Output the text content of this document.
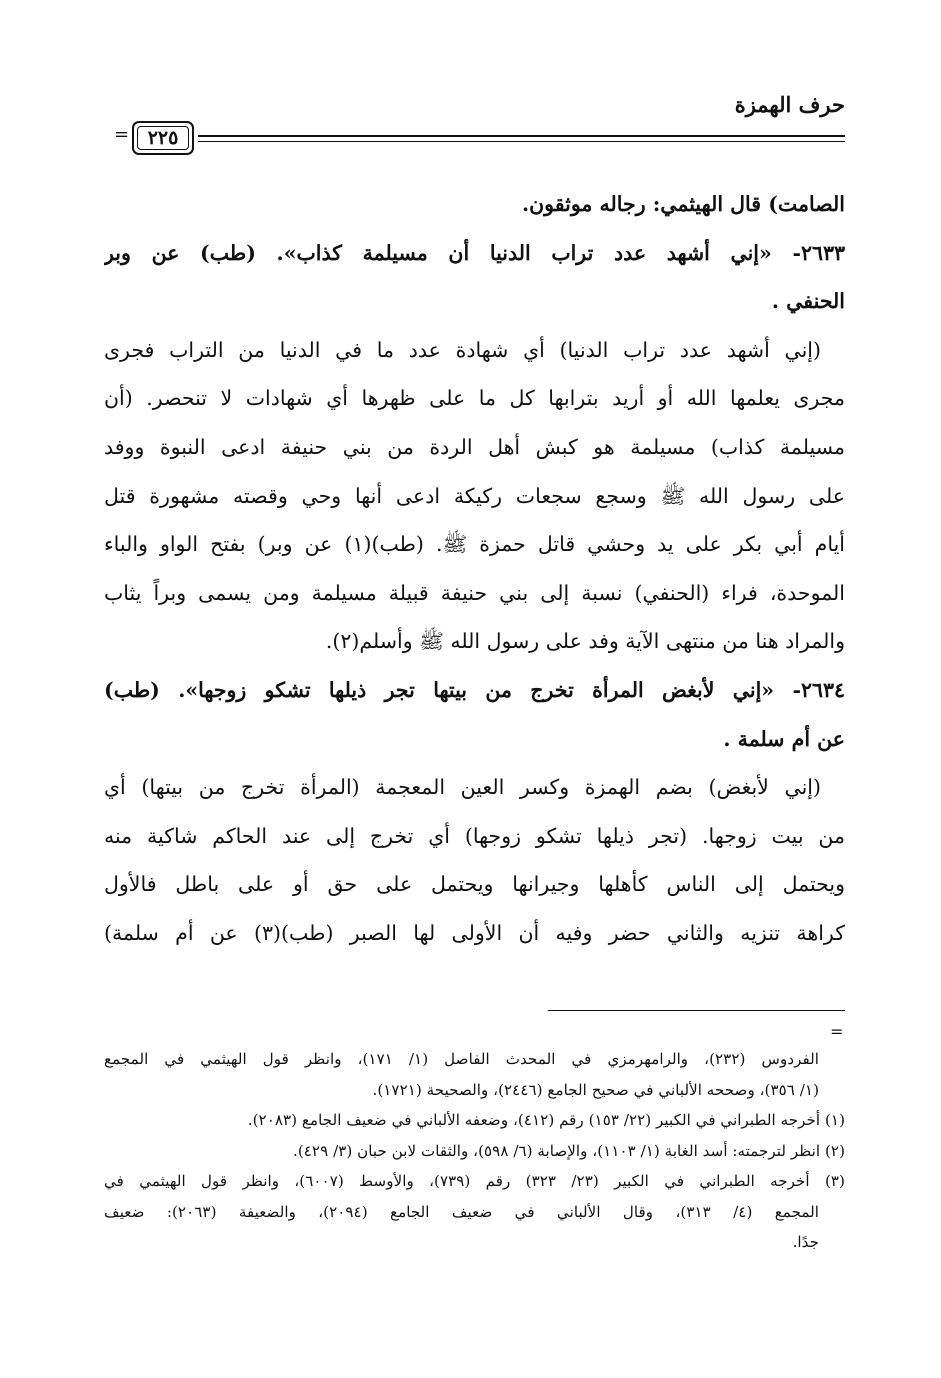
حرف الهمزة
٢٢٥
=
الصامت) قال الهيثمي: رجاله موثقون.
٢٦٣٣- «إني أشهد عدد تراب الدنيا أن مسيلمة كذاب». (طب) عن وبر
الحنفي .
(إني أشهد عدد تراب الدنيا) أي شهادة عدد ما في الدنيا من التراب فجرى
مجرى يعلمها الله أو أريد بترابها كل ما على ظهرها أي شهادات لا تنحصر. (أن
مسيلمة كذاب) مسيلمة هو كبش أهل الردة من بني حنيفة ادعى النبوة ووفد
على رسول الله ﷺ وسجع سجعات ركيكة ادعى أنها وحي وقصته مشهورة قتل
أيام أبي بكر على يد وحشي قاتل حمزة ﷺ. (طب)(١) عن وبر) بفتح الواو والباء
الموحدة، فراء (الحنفي) نسبة إلى بني حنيفة قبيلة مسيلمة ومن يسمى وبراً يثاب
والمراد هنا من منتهى الآية وفد على رسول الله ﷺ وأسلم(٢).
٢٦٣٤- «إني لأبغض المرأة تخرج من بيتها تجر ذيلها تشكو زوجها». (طب)
عن أم سلمة .
(إني لأبغض) بضم الهمزة وكسر العين المعجمة (المرأة تخرج من بيتها) أي
من بيت زوجها. (تجر ذيلها تشكو زوجها) أي تخرج إلى عند الحاكم شاكية منه
ويحتمل إلى الناس كأهلها وجيرانها ويحتمل على حق أو على باطل فالأول
كراهة تنزيه والثاني حضر وفيه أن الأولى لها الصبر (طب)(٣) عن أم سلمة)
=
الفردوس (٢٣٢)، والرامهرمزي في المحدث الفاصل (١/ ١٧١)، وانظر قول الهيثمي في المجمع
(١/ ٣٥٦)، وصححه الألباني في صحيح الجامع (٢٤٤٦)، والصحيحة (١٧٢١).
(١) أخرجه الطبراني في الكبير (٢٢/ ١٥٣) رقم (٤١٢)، وضعفه الألباني في ضعيف الجامع (٢٠٨٣).
(٢) انظر لترجمته: أسد الغابة (١/ ١١٠٣)، والإصابة (٦/ ٥٩٨)، والثقات لابن حبان (٣/ ٤٢٩).
(٣) أخرجه الطبراني في الكبير (٢٣/ ٣٢٣) رقم (٧٣٩)، والأوسط (٦٠٠٧)، وانظر قول الهيثمي في
المجمع (٤/ ٣١٣)، وقال الألباني في ضعيف الجامع (٢٠٩٤)، والضعيفة (٢٠٦٣): ضعيف
جدًا.
